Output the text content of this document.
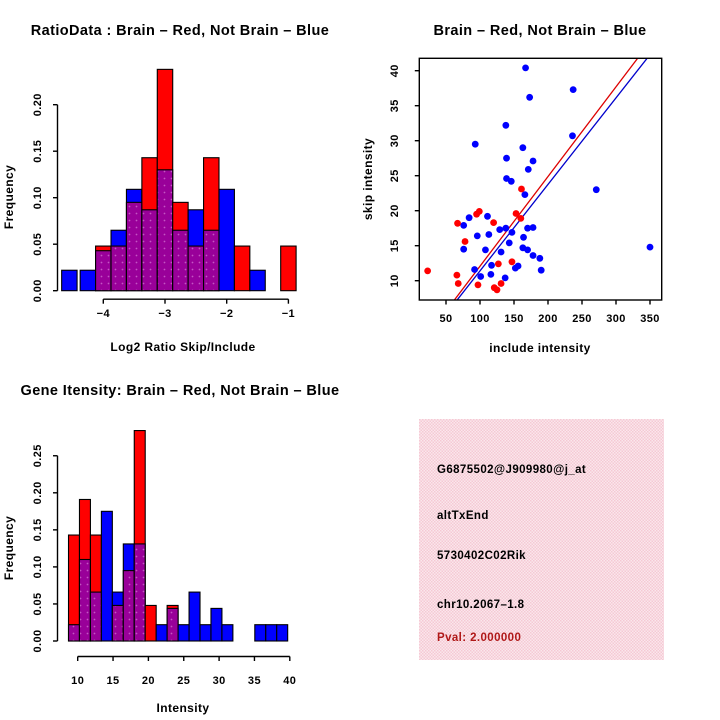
RatioData : Brain – Red, Not Brain – Blue
Log2 Ratio Skip/Include
Frequency
0.00
0.05
0.10
0.15
0.20
−4	−3	−2	−1
Brain – Red, Not Brain – Blue
include intensity
skip intensity
50 100 150 200 250 300 350
10
15
20
25
30
35
40
Gene Itensity: Brain – Red, Not Brain – Blue
Intensity
Frequency
0.00
0.05
0.10
0.15
0.20
0.25
10 15 20 25 30 35 40
G6875502@J909980@j_at
altTxEnd
5730402C02Rik
chr10.2067–1.8
Pval: 2.000000
